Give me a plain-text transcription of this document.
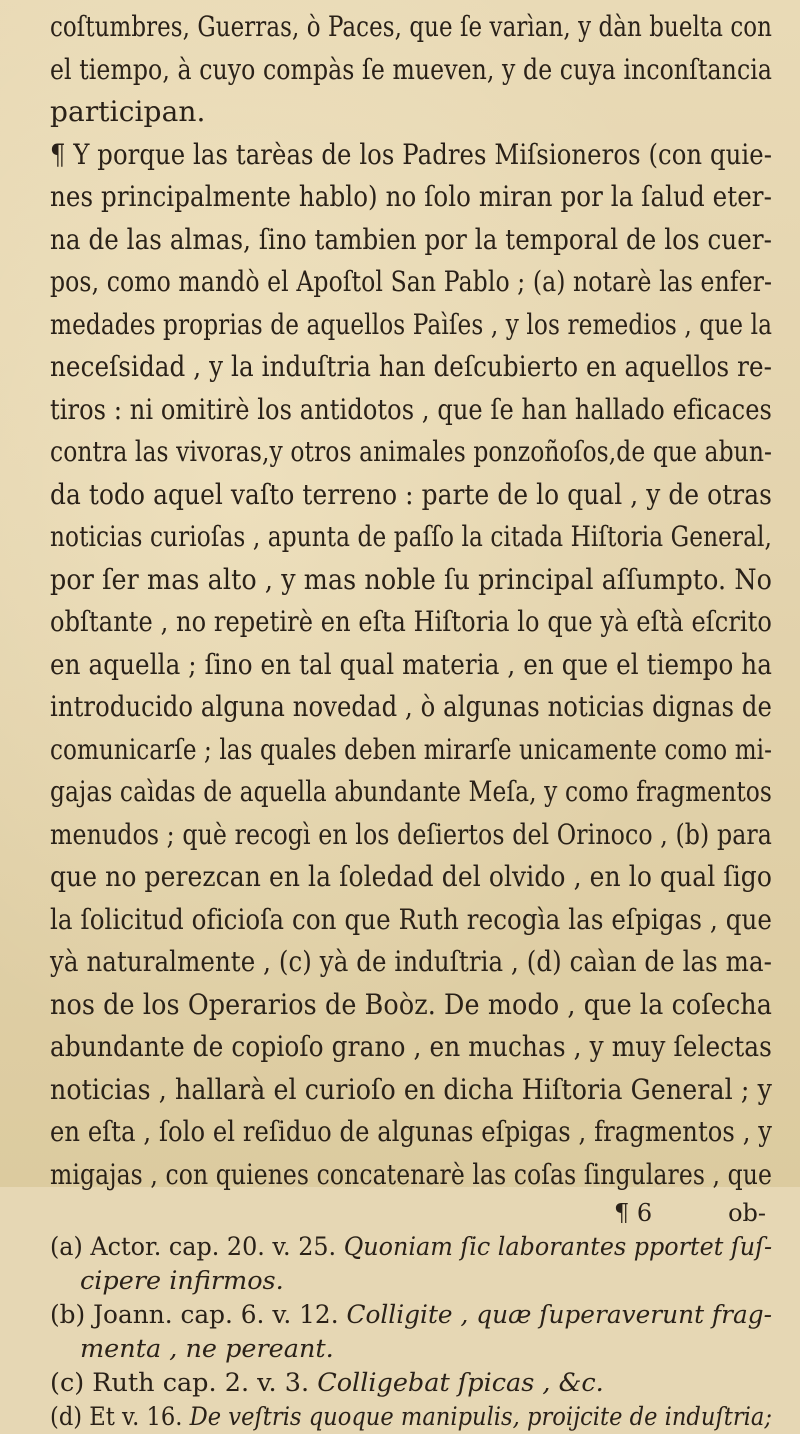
coſtumbres, Guerras, ò Paces, que ſe varìan, y dàn buelta con
el tiempo, à cuyo compàs ſe mueven, y de cuya inconſtancia
participan.
¶ Y porque las tarèas de los Padres Miſsioneros (con quie-
nes principalmente hablo) no ſolo miran por la ſalud eter-
na de las almas, ſino tambien por la temporal de los cuer-
pos, como mandò el Apoſtol San Pablo ; (a) notarè las enfer-
medades proprias de aquellos Paìſes , y los remedios , que la
neceſsidad , y la induſtria han deſcubierto en aquellos re-
tiros : ni omitirè los antidotos , que ſe han hallado eficaces
contra las vivoras,y otros animales ponzoñoſos,de que abun-
da todo aquel vaſto terreno : parte de lo qual , y de otras
noticias curioſas , apunta de paſſo la citada Hiſtoria General,
por ſer mas alto , y mas noble ſu principal aſſumpto. No
obſtante , no repetirè en eſta Hiſtoria lo que yà eſtà eſcrito
en aquella ; ſino en tal qual materia , en que el tiempo ha
introducido alguna novedad , ò algunas noticias dignas de
comunicarſe ; las quales deben mirarſe unicamente como mi-
gajas caìdas de aquella abundante Meſa, y como fragmentos
menudos ; què recogì en los deſiertos del Orinoco , (b) para
que no perezcan en la ſoledad del olvido , en lo qual ſigo
la ſolicitud oficioſa con que Ruth recogìa las eſpigas , que
yà naturalmente , (c) yà de induſtria , (d) caìan de las ma-
nos de los Operarios de Boòz. De modo , que la coſecha
abundante de copioſo grano , en muchas , y muy ſelectas
noticias , hallarà el curioſo en dicha Hiſtoria General ; y
en eſta , ſolo el reſiduo de algunas eſpigas , fragmentos , y
migajas , con quienes concatenarè las coſas ſingulares , que
¶ 6	ob-
(a) Actor. cap. 20. v. 25. Quoniam ſic laborantes pportet ſuſ-
cipere infirmos.
(b) Joann. cap. 6. v. 12. Colligite , quæ ſuperaverunt frag-
menta , ne pereant.
(c) Ruth cap. 2. v. 3. Colligebat ſpicas , &c.
(d) Et v. 16. De veſtris quoque manipulis, proijcite de induſtria;
